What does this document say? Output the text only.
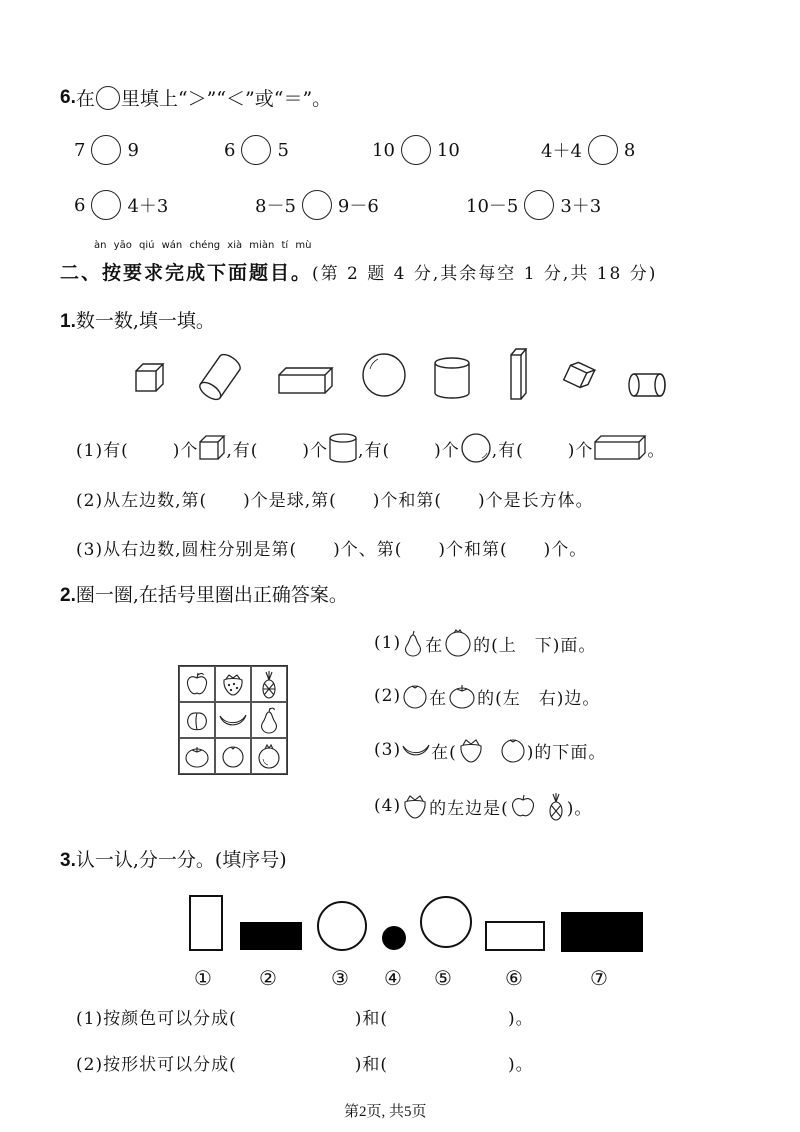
6. 在 里填上“＞”“＜”或“＝”。
7 9	6 5	10 10	4＋4 8
6 4＋3	8－5 9－6	10－5 3＋3
àn yāo qiú wán chéng xià miàn tí mù
二、按要求完成下面题目。(第 2 题 4 分,其余每空 1 分,共 18 分)
1.数一数,填一填。
(1)有(	)个 ,有(	)个 ,有(	)个 ,有(	)个	。
(2)从左边数,第(　　)个是球,第(　　)个和第(　　)个是长方体。
(3)从右边数,圆柱分别是第(　　)个、第(　　)个和第(　　)个。
2.圈一圈,在括号里圈出正确答案。
(1) 在 的(上　下)面。
(2) 在 的(左　右)边。
(3) 在(	)的下面。
(4) 的左边是(	)。
3.认一认,分一分。(填序号)
① ②	③ ④ ⑤	⑥	⑦
(1)按颜色可以分成(	)和(	)。
(2)按形状可以分成(	)和(	)。
第2页, 共5页
